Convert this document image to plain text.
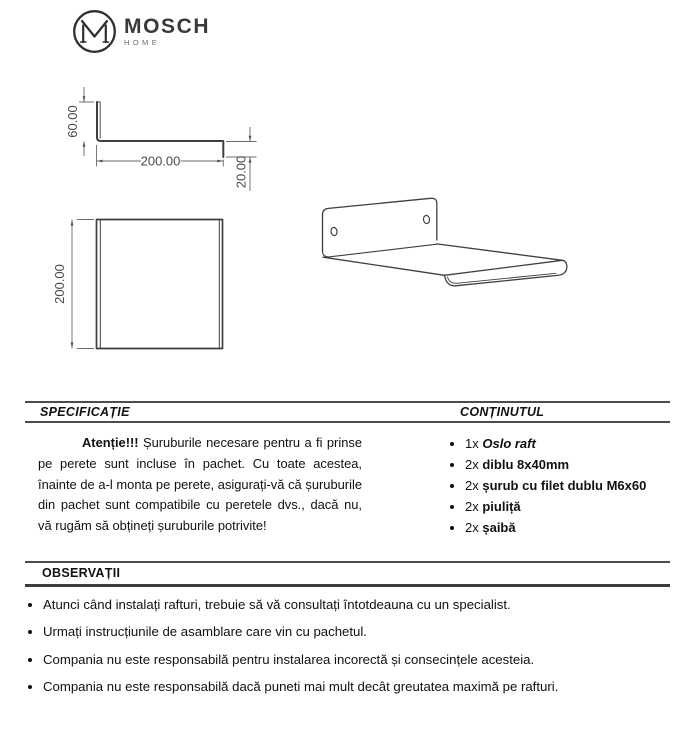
MOSCH
HOME
60.00
200.00	20.00
200.00
SPECIFICAȚIE	CONȚINUTUL
OBSERVAȚII

Atenție!!! Șuruburile necesare pentru a fi prinse pe perete sunt incluse în pachet. Cu toate acestea, înainte de a-l monta pe perete, asigurați-vă că șuruburile din pachet sunt compatibile cu peretele dvs., dacă nu, vă rugăm să obțineți șuruburile potrivite!

• 1x Oslo raft
• 2x diblu 8x40mm
• 2x șurub cu filet dublu M6x60
• 2x piuliță
• 2x șaibă
• Atunci când instalați rafturi, trebuie să vă consultați întotdeauna cu un specialist.
• Urmați instrucțiunile de asamblare care vin cu pachetul.
• Compania nu este responsabilă pentru instalarea incorectă și consecințele acesteia.
• Compania nu este responsabilă dacă puneti mai mult decât greutatea maximă pe rafturi.
